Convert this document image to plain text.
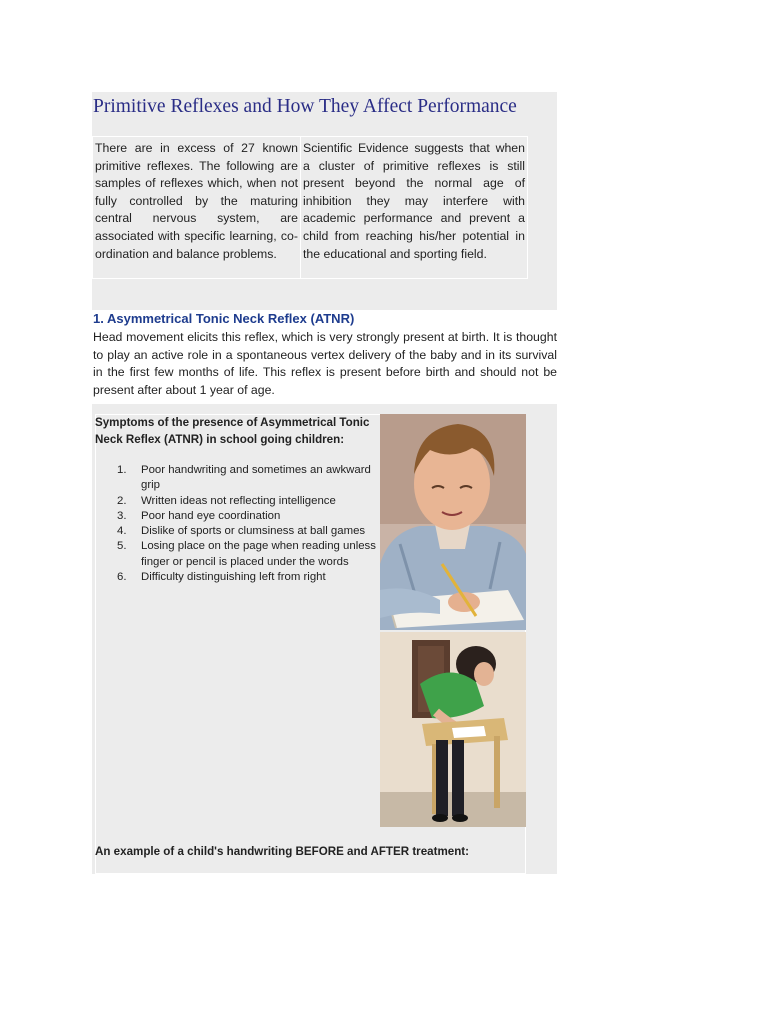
Primitive Reflexes and How They Affect Performance
There are in excess of 27 known primitive reflexes. The following are samples of reflexes which, when not fully controlled by the maturing central nervous system, are associated with specific learning, co-ordination and balance problems.
Scientific Evidence suggests that when a cluster of primitive reflexes is still present beyond the normal age of inhibition they may interfere with academic performance and prevent a child from reaching his/her potential in the educational and sporting field.
1. Asymmetrical Tonic Neck Reflex (ATNR)
Head movement elicits this reflex, which is very strongly present at birth. It is thought to play an active role in a spontaneous vertex delivery of the baby and in its survival in the first few months of life. This reflex is present before birth and should not be present after about 1 year of age.
Symptoms of the presence of Asymmetrical Tonic Neck Reflex (ATNR) in school going children:
1. Poor handwriting and sometimes an awkward grip
2. Written ideas not reflecting intelligence
3. Poor hand eye coordination
4. Dislike of sports or clumsiness at ball games
5. Losing place on the page when reading unless finger or pencil is placed under the words
6. Difficulty distinguishing left from right
An example of a child's handwriting BEFORE and AFTER treatment:
